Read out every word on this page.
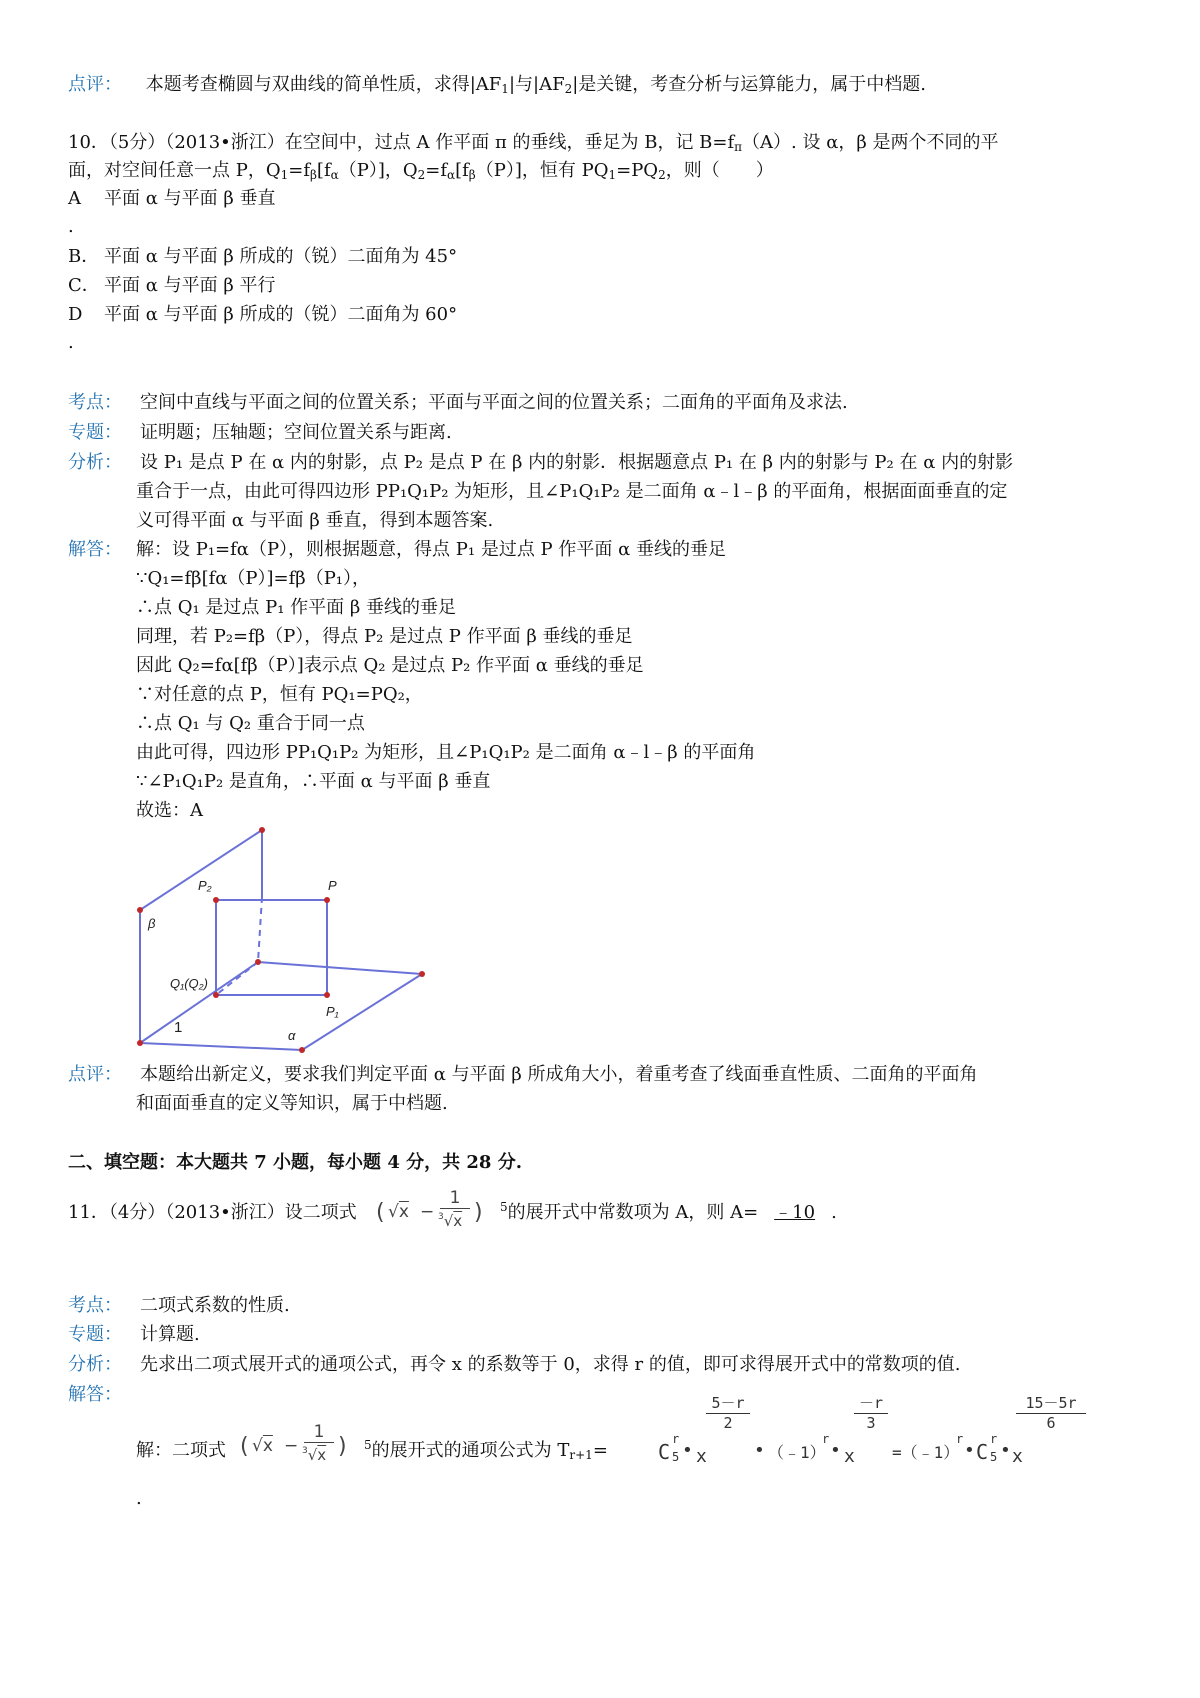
点评： 本题考查椭圆与双曲线的简单性质，求得$|AF_1|$与$|AF_2|$是关键，考查分析与运算能力，属于中档题.
10．（5分）（2013•浙江）在空间中，过点 A 作平面 π 的垂线，垂足为 B，记 $B=f_\pi(A)$. 设 α，β 是两个不同的平
面，对空间任意一点 P，$Q_1=f_\beta[f_\alpha(P)]$，$Q_2=f_\alpha[f_\beta(P)]$，恒有 $PQ_1=PQ_2$，则（　　）
A 平面 α 与平面 β 垂直
.
B． 平面 α 与平面 β 所成的（锐）二面角为 45°
C． 平面 α 与平面 β 平行
D 平面 α 与平面 β 所成的（锐）二面角为 60°
.
考点： 空间中直线与平面之间的位置关系；平面与平面之间的位置关系；二面角的平面角及求法.
专题： 证明题；压轴题；空间位置关系与距离.
分析： 设 P₁ 是点 P 在 α 内的射影，点 P₂ 是点 P 在 β 内的射影．根据题意点 P₁ 在 β 内的射影与 P₂ 在 α 内的射影
重合于一点，由此可得四边形 PP₁Q₁P₂ 为矩形，且∠P₁Q₁P₂ 是二面角 α﹣l﹣β 的平面角，根据面面垂直的定
义可得平面 α 与平面 β 垂直，得到本题答案.
解答： 解：设 P₁=fα（P），则根据题意，得点 P₁ 是过点 P 作平面 α 垂线的垂足
∵Q₁=fβ[fα（P）]=fβ（P₁），
∴点 Q₁ 是过点 P₁ 作平面 β 垂线的垂足
同理，若 P₂=fβ（P），得点 P₂ 是过点 P 作平面 β 垂线的垂足
因此 Q₂=fα[fβ（P）]表示点 Q₂ 是过点 P₂ 作平面 α 垂线的垂足
∵对任意的点 P，恒有 PQ₁=PQ₂，
∴点 Q₁ 与 Q₂ 重合于同一点
由此可得，四边形 PP₁Q₁P₂ 为矩形，且∠P₁Q₁P₂ 是二面角 α﹣l﹣β 的平面角
∵∠P₁Q₁P₂ 是直角，∴平面 α 与平面 β 垂直
故选：A
β
P₂	P
Q₁(Q₂)
P₁
1	α
点评： 本题给出新定义，要求我们判定平面 α 与平面 β 所成角大小，着重考查了线面垂直性质、二面角的平面角
和面面垂直的定义等知识，属于中档题.
二、填空题：本大题共 7 小题，每小题 4 分，共 28 分.
11．（4分）（2013•浙江）设二项式 ( √x −
1
$^3$√x ) $^5$的展开式中常数项为 A，则 A= ﹣10 .
考点： 二项式系数的性质.
专题： 计算题.
分析： 先求出二项式展开式的通项公式，再令 x 的系数等于 0，求得 r 的值，即可求得展开式中的常数项的值.
解答：
解：二项式 ( √x −
1
$^3$√x ) $^5$的展开式的通项公式为 $T_{r+1}=$	C
r
5 • x
5－r
2
• （﹣1）
r
• x
－r
3
=（﹣1）
r
• C
r
5 • x
15－5r
6
.
